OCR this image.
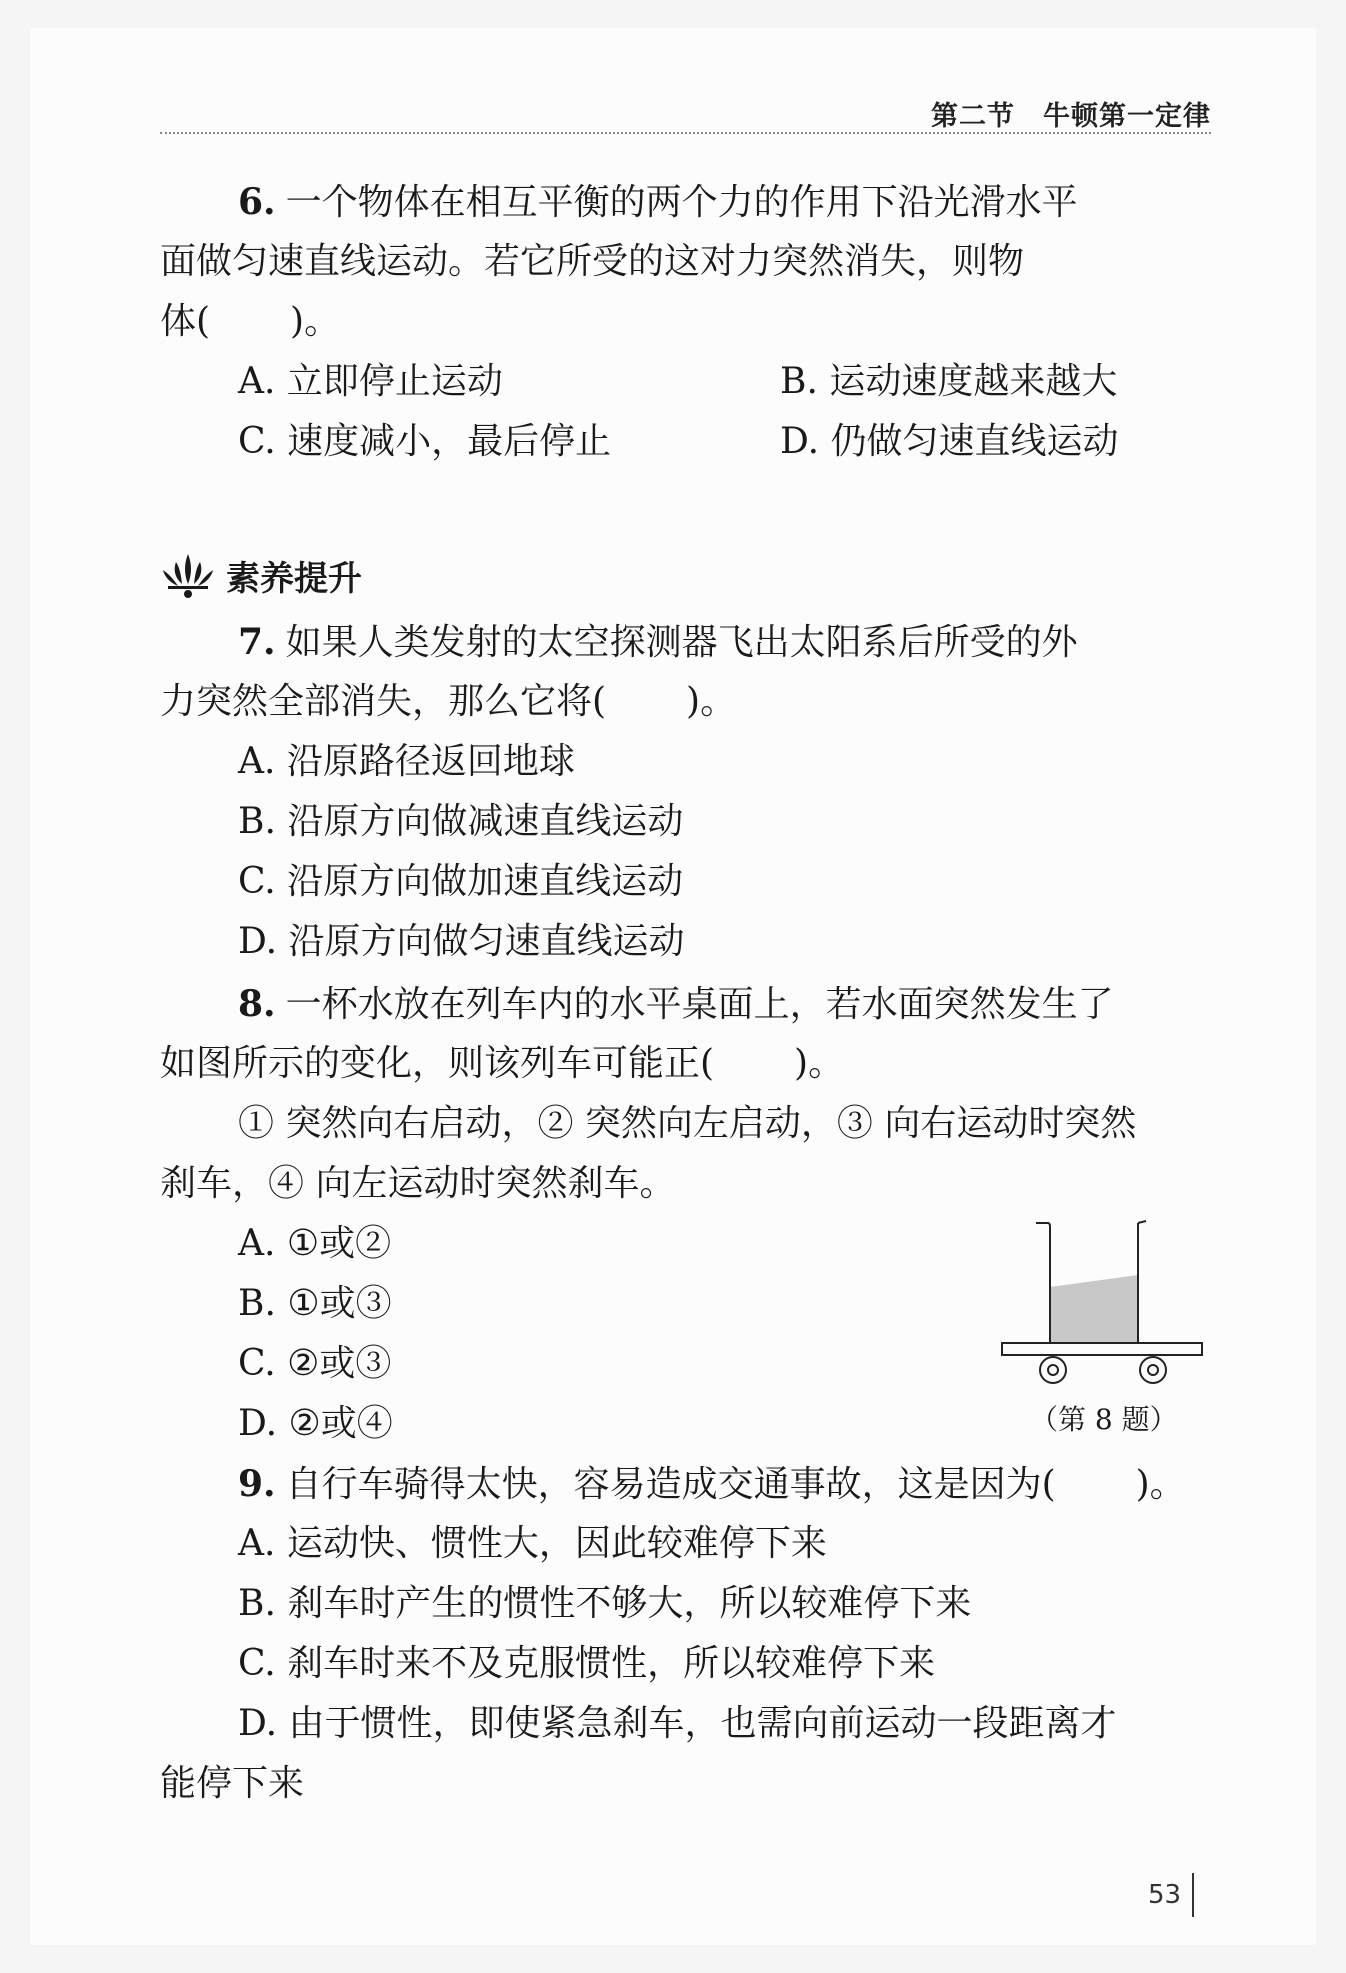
第二节　牛顿第一定律
6. 一个物体在相互平衡的两个力的作用下沿光滑水平
面做匀速直线运动。若它所受的这对力突然消失，则物
体( )。
A. 立即停止运动	B. 运动速度越来越大
C. 速度减小，最后停止	D. 仍做匀速直线运动
素养提升
7. 如果人类发射的太空探测器飞出太阳系后所受的外
力突然全部消失，那么它将( )。
A. 沿原路径返回地球
B. 沿原方向做减速直线运动
C. 沿原方向做加速直线运动
D. 沿原方向做匀速直线运动
8. 一杯水放在列车内的水平桌面上，若水面突然发生了
如图所示的变化，则该列车可能正( )。
① 突然向右启动，② 突然向左启动，③ 向右运动时突然
刹车，④ 向左运动时突然刹车。
A. ①或②
B. ①或③
C. ②或③
D. ②或④	（第 8 题）
9. 自行车骑得太快，容易造成交通事故，这是因为( )。
A. 运动快、惯性大，因此较难停下来
B. 刹车时产生的惯性不够大，所以较难停下来
C. 刹车时来不及克服惯性，所以较难停下来
D. 由于惯性，即使紧急刹车，也需向前运动一段距离才
能停下来
53
